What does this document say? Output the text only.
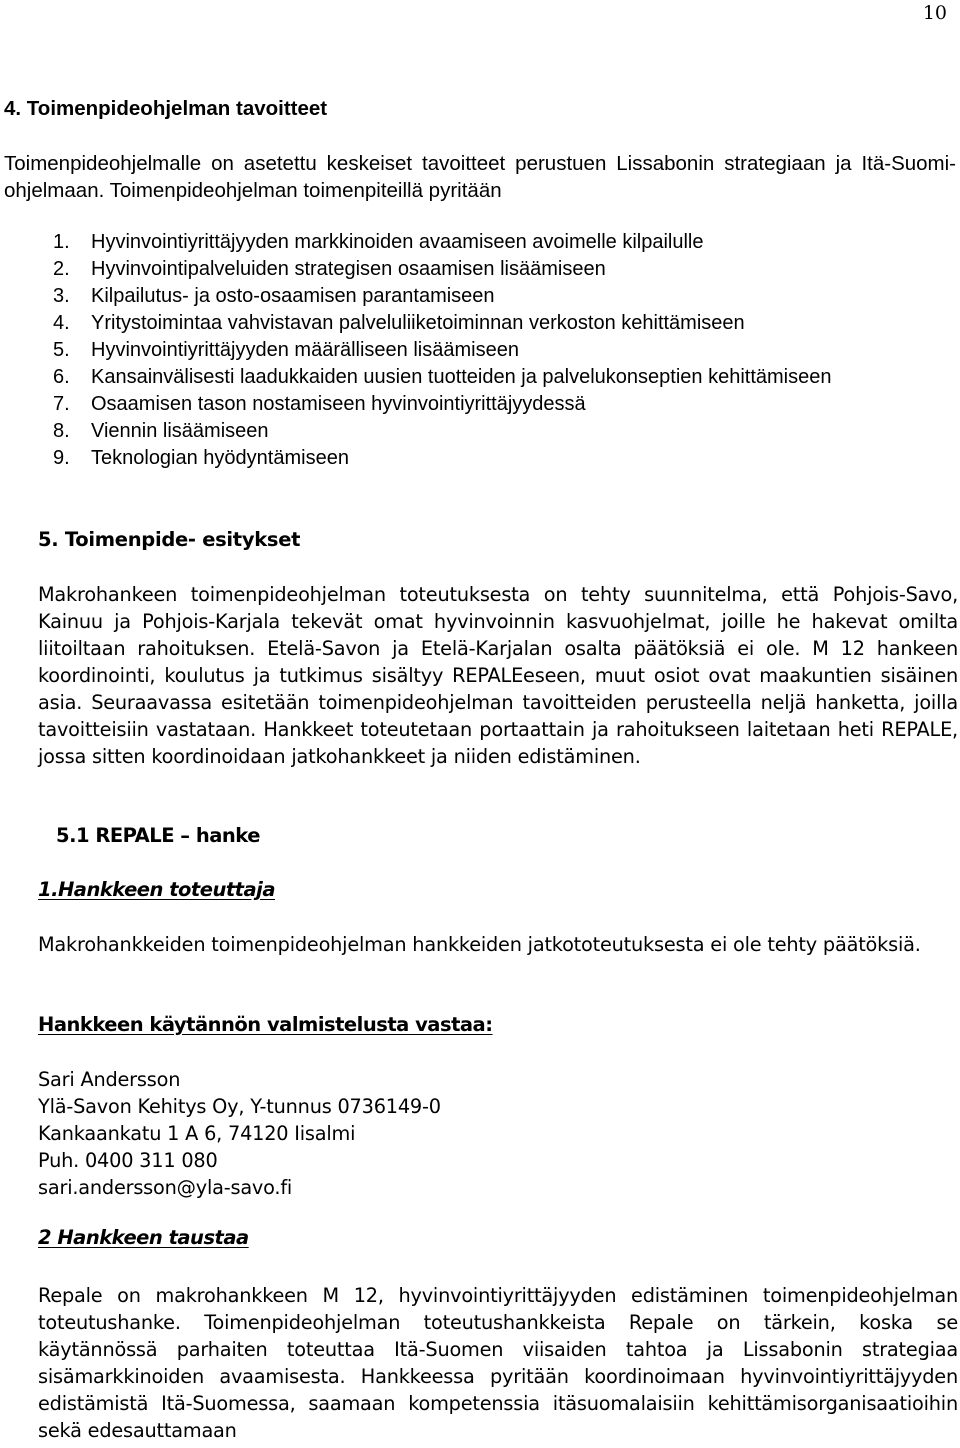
10
4. Toimenpideohjelman tavoitteet
Toimenpideohjelmalle on asetettu keskeiset tavoitteet perustuen Lissabonin strategiaan ja Itä-Suomi- ohjelmaan. Toimenpideohjelman toimenpiteillä pyritään
1.	Hyvinvointiyrittäjyyden markkinoiden avaamiseen avoimelle kilpailulle
2.	Hyvinvointipalveluiden strategisen osaamisen lisäämiseen
3.	Kilpailutus- ja osto-osaamisen parantamiseen
4.	Yritystoimintaa vahvistavan palveluliiketoiminnan verkoston kehittämiseen
5.	Hyvinvointiyrittäjyyden määrälliseen lisäämiseen
6.	Kansainvälisesti laadukkaiden uusien tuotteiden ja palvelukonseptien kehittämiseen
7.	Osaamisen tason nostamiseen hyvinvointiyrittäjyydessä
8.	Viennin lisäämiseen
9.	Teknologian hyödyntämiseen
5. Toimenpide- esitykset
Makrohankeen toimenpideohjelman toteutuksesta on tehty suunnitelma, että Pohjois-Savo, Kainuu ja Pohjois-Karjala tekevät omat hyvinvoinnin kasvuohjelmat, joille he hakevat omilta liitoiltaan rahoituksen. Etelä-Savon ja Etelä-Karjalan osalta päätöksiä ei ole. M 12 hankeen koordinointi, koulutus ja tutkimus sisältyy REPALEeseen, muut osiot ovat maakuntien sisäinen asia. Seuraavassa esitetään toimenpideohjelman tavoitteiden perusteella neljä hanketta, joilla tavoitteisiin vastataan. Hankkeet toteutetaan portaattain ja rahoitukseen laitetaan heti REPALE, jossa sitten koordinoidaan jatkohankkeet ja niiden edistäminen.
5.1 REPALE – hanke
1.Hankkeen toteuttaja
Makrohankkeiden toimenpideohjelman hankkeiden jatkototeutuksesta ei ole tehty päätöksiä.
Hankkeen käytännön valmistelusta vastaa:
Sari Andersson
Ylä-Savon Kehitys Oy, Y-tunnus 0736149-0
Kankaankatu 1 A 6, 74120 Iisalmi
Puh. 0400 311 080
sari.andersson@yla-savo.fi
2 Hankkeen taustaa
Repale on makrohankkeen M 12, hyvinvointiyrittäjyyden edistäminen toimenpideohjelman toteutushanke. Toimenpideohjelman toteutushankkeista Repale on tärkein, koska se käytännössä parhaiten toteuttaa Itä-Suomen viisaiden tahtoa ja Lissabonin strategiaa sisämarkkinoiden avaamisesta. Hankkeessa pyritään koordinoimaan hyvinvointiyrittäjyyden edistämistä Itä-Suomessa, saamaan kompetenssia itäsuomalaisiin kehittämisorganisaatioihin sekä edesauttamaan
